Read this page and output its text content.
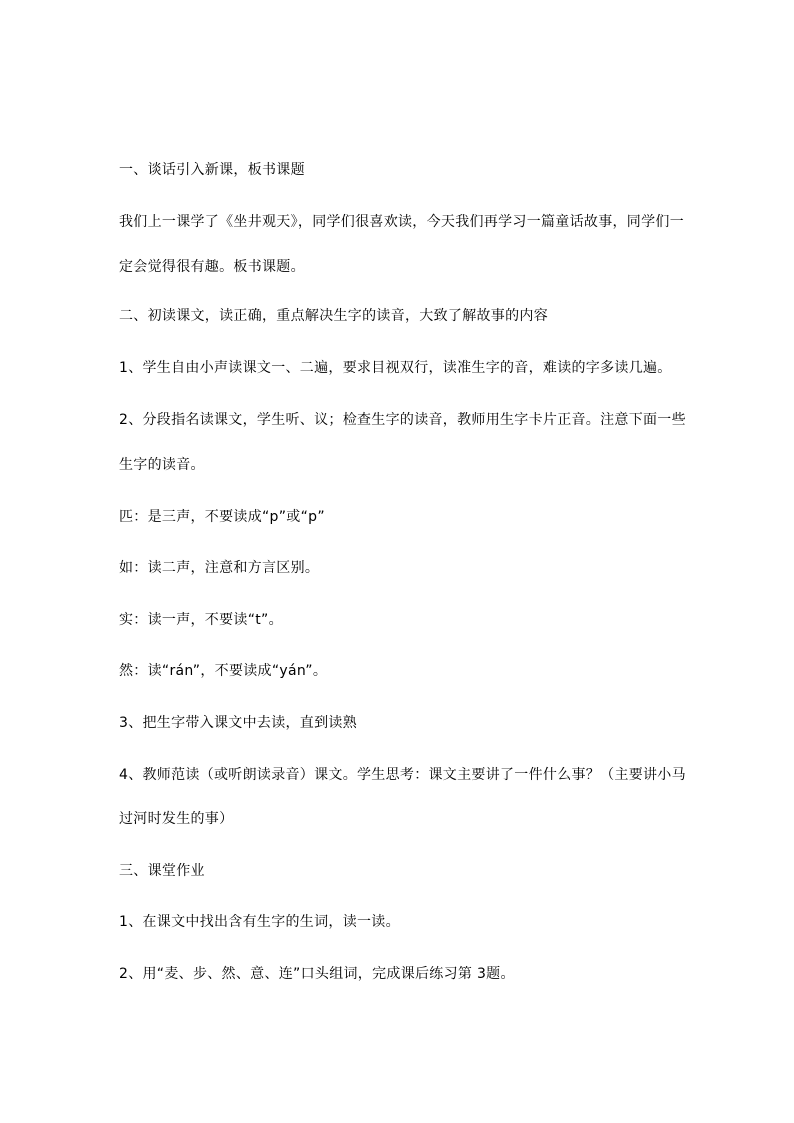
一、谈话引入新课，板书课题
我们上一课学了《坐井观天》，同学们很喜欢读，今天我们再学习一篇童话故事，同学们一
定会觉得很有趣。板书课题。
二、初读课文，读正确，重点解决生字的读音，大致了解故事的内容
1、学生自由小声读课文一、二遍，要求目视双行，读准生字的音，难读的字多读几遍。
2、分段指名读课文，学生听、议；检查生字的读音，教师用生字卡片正音。注意下面一些
生字的读音。
匹：是三声，不要读成“p”或“p”
如：读二声，注意和方言区别。
实：读一声，不要读“t”。
然：读“rán”，不要读成“yán”。
3、把生字带入课文中去读，直到读熟
4、教师范读（或听朗读录音）课文。学生思考：课文主要讲了一件什么事？（主要讲小马
过河时发生的事）
三、课堂作业
1、在课文中找出含有生字的生词，读一读。
2、用“麦、步、然、意、连”口头组词，完成课后练习第 3题。
